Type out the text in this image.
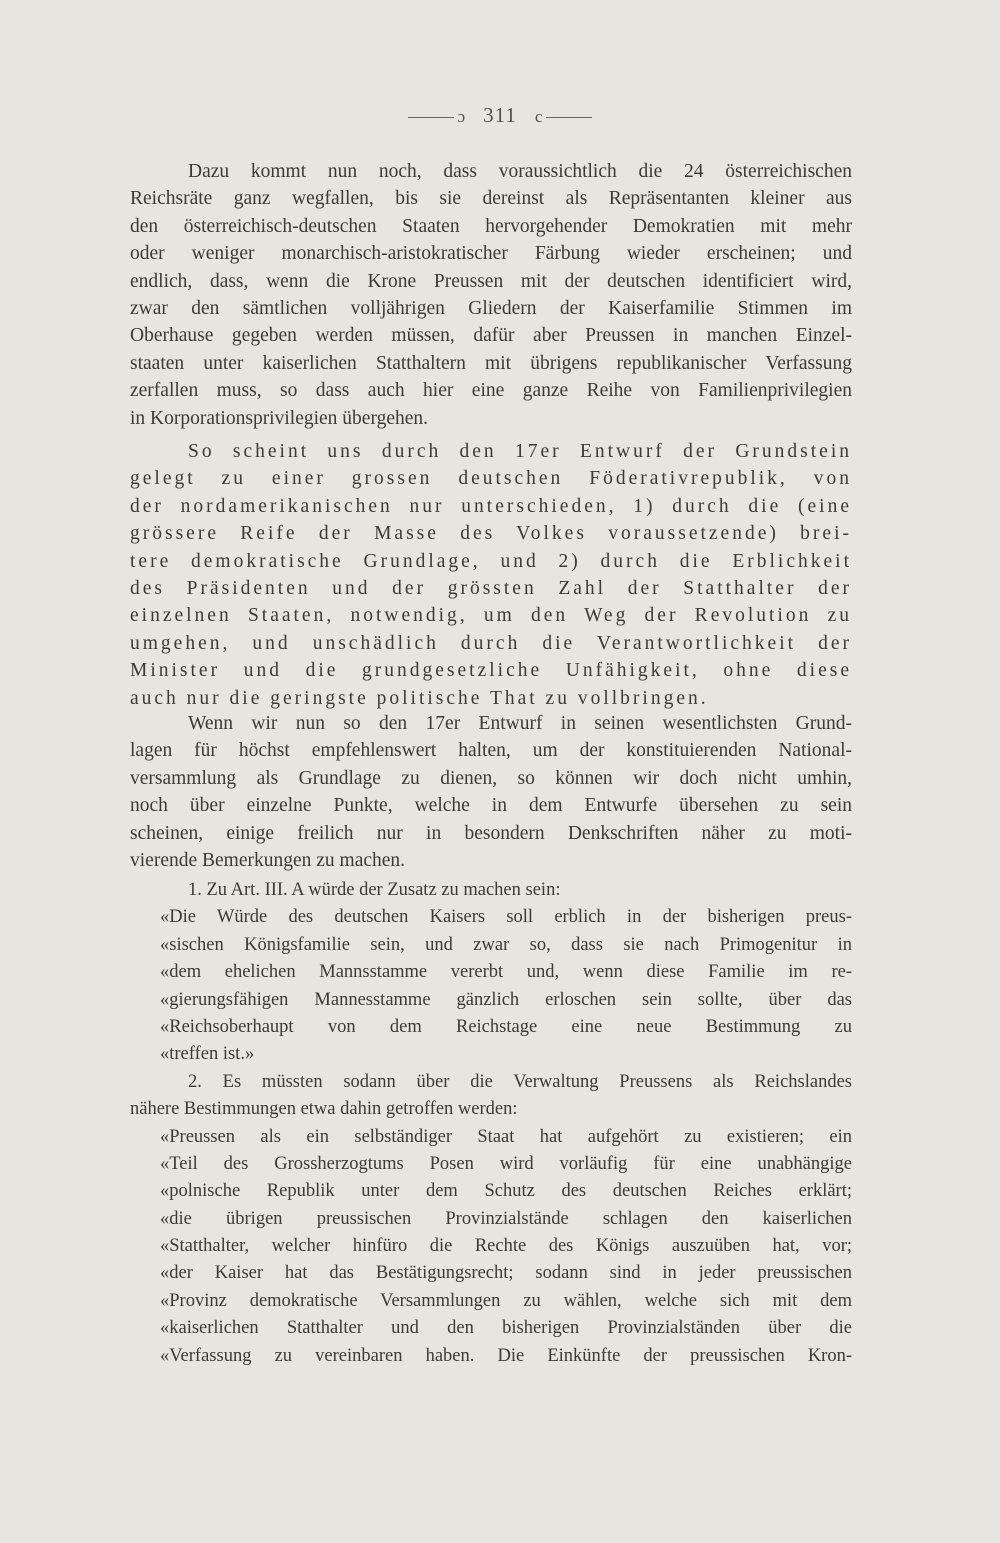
ɔ 311 c
Dazu kommt nun noch, dass voraussichtlich die 24 österreichischen
Reichsräte ganz wegfallen, bis sie dereinst als Repräsentanten kleiner aus
den österreichisch-deutschen Staaten hervorgehender Demokratien mit mehr
oder weniger monarchisch-aristokratischer Färbung wieder erscheinen; und
endlich, dass, wenn die Krone Preussen mit der deutschen identificiert wird,
zwar den sämtlichen volljährigen Gliedern der Kaiserfamilie Stimmen im
Oberhause gegeben werden müssen, dafür aber Preussen in manchen Einzel-
staaten unter kaiserlichen Statthaltern mit übrigens republikanischer Verfassung
zerfallen muss, so dass auch hier eine ganze Reihe von Familienprivilegien
in Korporationsprivilegien übergehen.
So scheint uns durch den 17er Entwurf der Grundstein
gelegt zu einer grossen deutschen Föderativrepublik, von
der nordamerikanischen nur unterschieden, 1) durch die (eine
grössere Reife der Masse des Volkes voraussetzende) brei-
tere demokratische Grundlage, und 2) durch die Erblichkeit
des Präsidenten und der grössten Zahl der Statthalter der
einzelnen Staaten, notwendig, um den Weg der Revolution zu
umgehen, und unschädlich durch die Verantwortlichkeit der
Minister und die grundgesetzliche Unfähigkeit, ohne diese
auch nur die geringste politische That zu vollbringen.
Wenn wir nun so den 17er Entwurf in seinen wesentlichsten Grund-
lagen für höchst empfehlenswert halten, um der konstituierenden National-
versammlung als Grundlage zu dienen, so können wir doch nicht umhin,
noch über einzelne Punkte, welche in dem Entwurfe übersehen zu sein
scheinen, einige freilich nur in besondern Denkschriften näher zu moti-
vierende Bemerkungen zu machen.
1. Zu Art. III. A würde der Zusatz zu machen sein:
«Die Würde des deutschen Kaisers soll erblich in der bisherigen preus-
«sischen Königsfamilie sein, und zwar so, dass sie nach Primogenitur in
«dem ehelichen Mannsstamme vererbt und, wenn diese Familie im re-
«gierungsfähigen Mannesstamme gänzlich erloschen sein sollte, über das
«Reichsoberhaupt von dem Reichstage eine neue Bestimmung zu
«treffen ist.»
2. Es müssten sodann über die Verwaltung Preussens als Reichslandes
nähere Bestimmungen etwa dahin getroffen werden:
«Preussen als ein selbständiger Staat hat aufgehört zu existieren; ein
«Teil des Grossherzogtums Posen wird vorläufig für eine unabhängige
«polnische Republik unter dem Schutz des deutschen Reiches erklärt;
«die übrigen preussischen Provinzialstände schlagen den kaiserlichen
«Statthalter, welcher hinfüro die Rechte des Königs auszuüben hat, vor;
«der Kaiser hat das Bestätigungsrecht; sodann sind in jeder preussischen
«Provinz demokratische Versammlungen zu wählen, welche sich mit dem
«kaiserlichen Statthalter und den bisherigen Provinzialständen über die
«Verfassung zu vereinbaren haben. Die Einkünfte der preussischen Kron-
